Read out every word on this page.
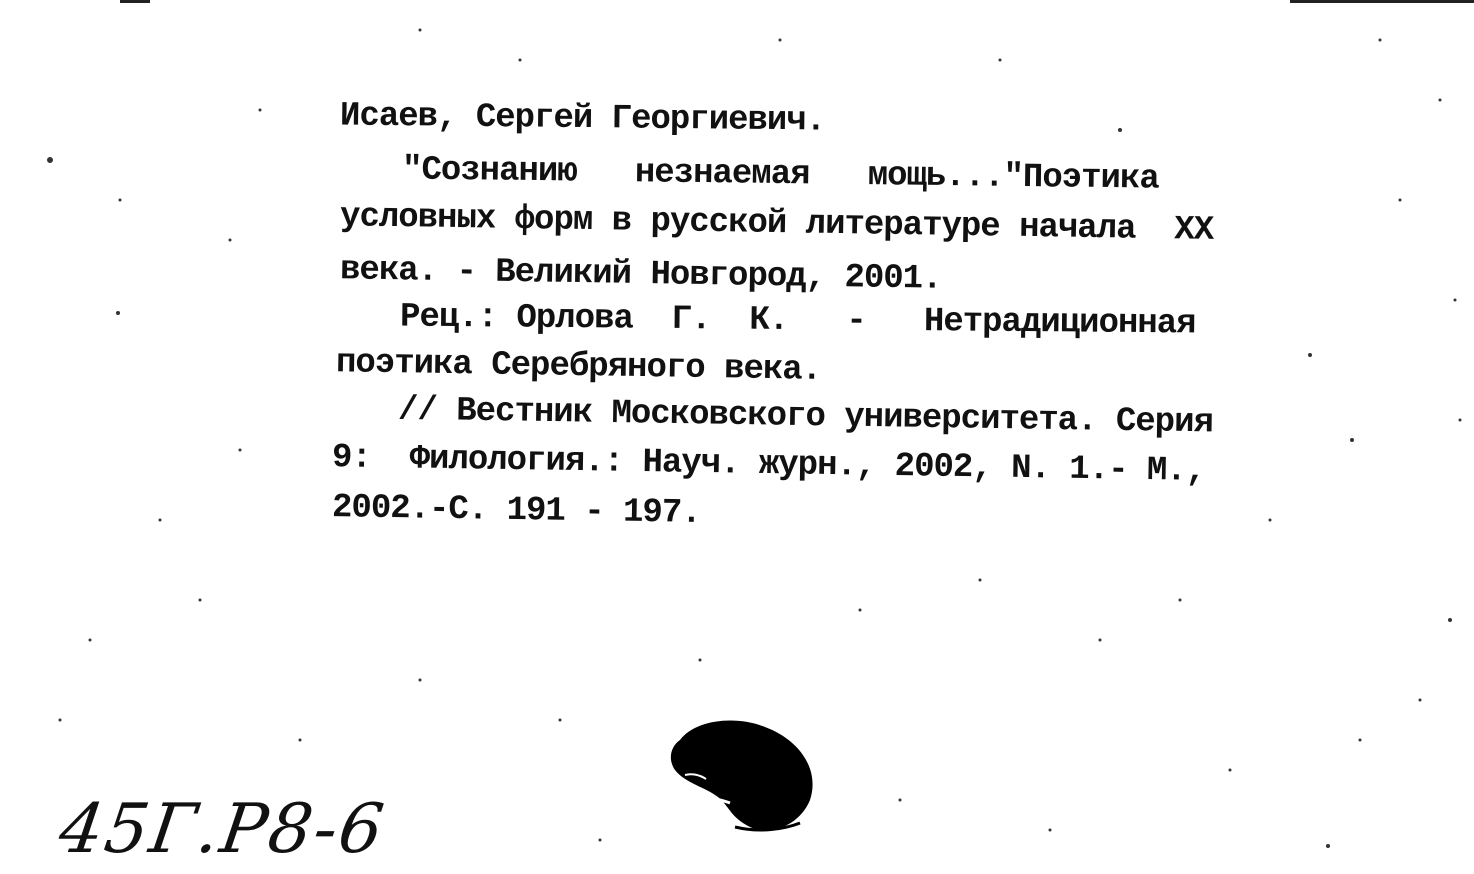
Исаев, Сергей Георгиевич.
"Сознанию   незнаемая   мощь..."Поэтика
условных форм в русской литературе начала  XX
века. - Великий Новгород, 2001.
Рец.: Орлова  Г.  К.   -   Нетрадиционная
поэтика Серебряного века.
// Вестник Московского университета. Серия
9:  Филология.: Науч. журн., 2002, N. 1.- М.,
2002.-С. 191 - 197.
45Г.Р8-6
